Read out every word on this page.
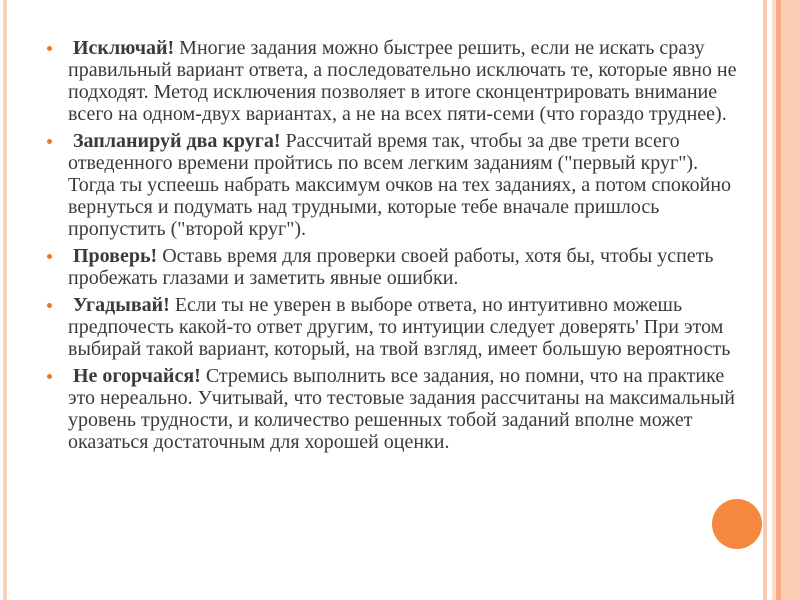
Исключай! Многие задания можно быстрее решить, если не искать сразу правильный вариант ответа, а последовательно исключать те, которые явно не подходят. Метод исключения позволяет в итоге сконцентрировать внимание всего на одном-двух вариантах, а не на всех пяти-семи (что гораздо труднее).
Запланируй два круга! Рассчитай время так, чтобы за две трети всего отведенного времени пройтись по всем легким заданиям ("первый круг"). Тогда ты успеешь набрать максимум очков на тех заданиях, а потом спокойно вернуться и подумать над трудными, которые тебе вначале пришлось пропустить ("второй круг").
Проверь! Оставь время для проверки своей работы, хотя бы, чтобы успеть пробежать глазами и заметить явные ошибки.
Угадывай! Если ты не уверен в выборе ответа, но интуитивно можешь предпочесть какой-то ответ другим, то интуиции следует доверять' При этом выбирай такой вариант, который, на твой взгляд, имеет большую вероятность
Не огорчайся! Стремись выполнить все задания, но помни, что на практике это нереально. Учитывай, что тестовые задания рассчитаны на максимальный уровень трудности, и количество решенных тобой заданий вполне может оказаться достаточным для хорошей оценки.
